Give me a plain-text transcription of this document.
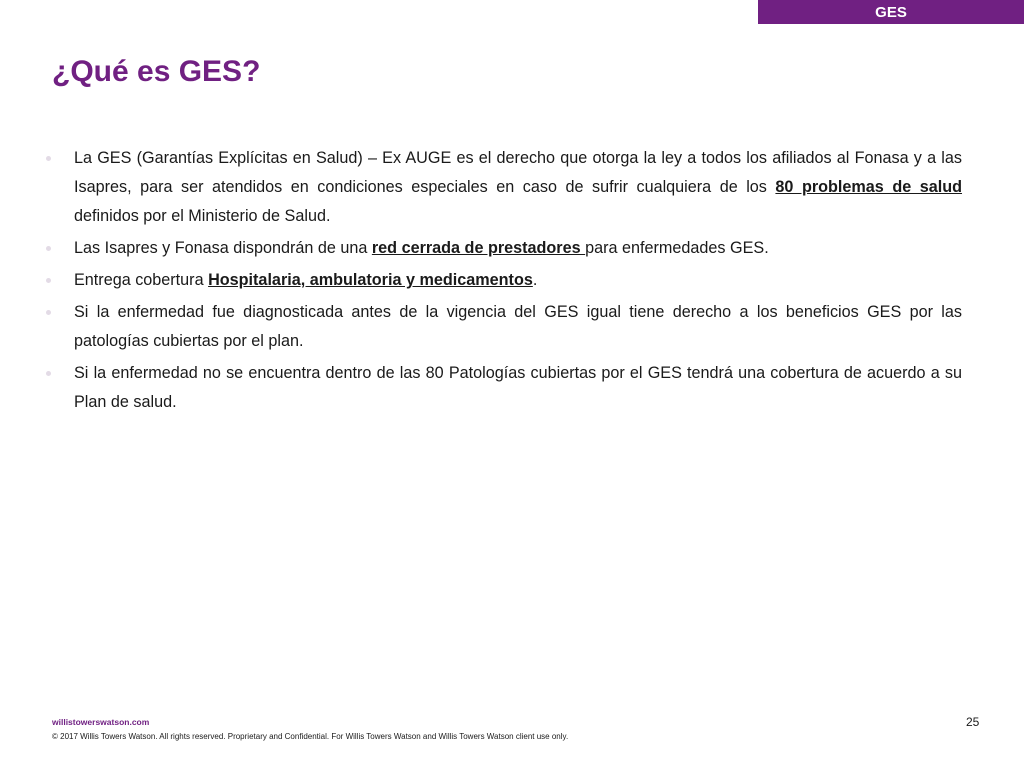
GES
¿Qué es GES?
La GES (Garantías Explícitas en Salud) – Ex AUGE es el derecho que otorga la ley a todos los afiliados al Fonasa y a las Isapres, para ser atendidos en condiciones especiales en caso de sufrir cualquiera de los 80 problemas de salud definidos por el Ministerio de Salud.
Las Isapres y Fonasa dispondrán de una red cerrada de prestadores para enfermedades GES.
Entrega cobertura Hospitalaria, ambulatoria y medicamentos.
Si la enfermedad fue diagnosticada antes de la vigencia del GES igual tiene derecho a los beneficios GES por las patologías cubiertas por el plan.
Si la enfermedad no se encuentra dentro de las 80 Patologías cubiertas por el GES tendrá una cobertura de acuerdo a su Plan de salud.
willistowerswatson.com
© 2017 Willis Towers Watson. All rights reserved. Proprietary and Confidential. For Willis Towers Watson and Willis Towers Watson client use only.
25
